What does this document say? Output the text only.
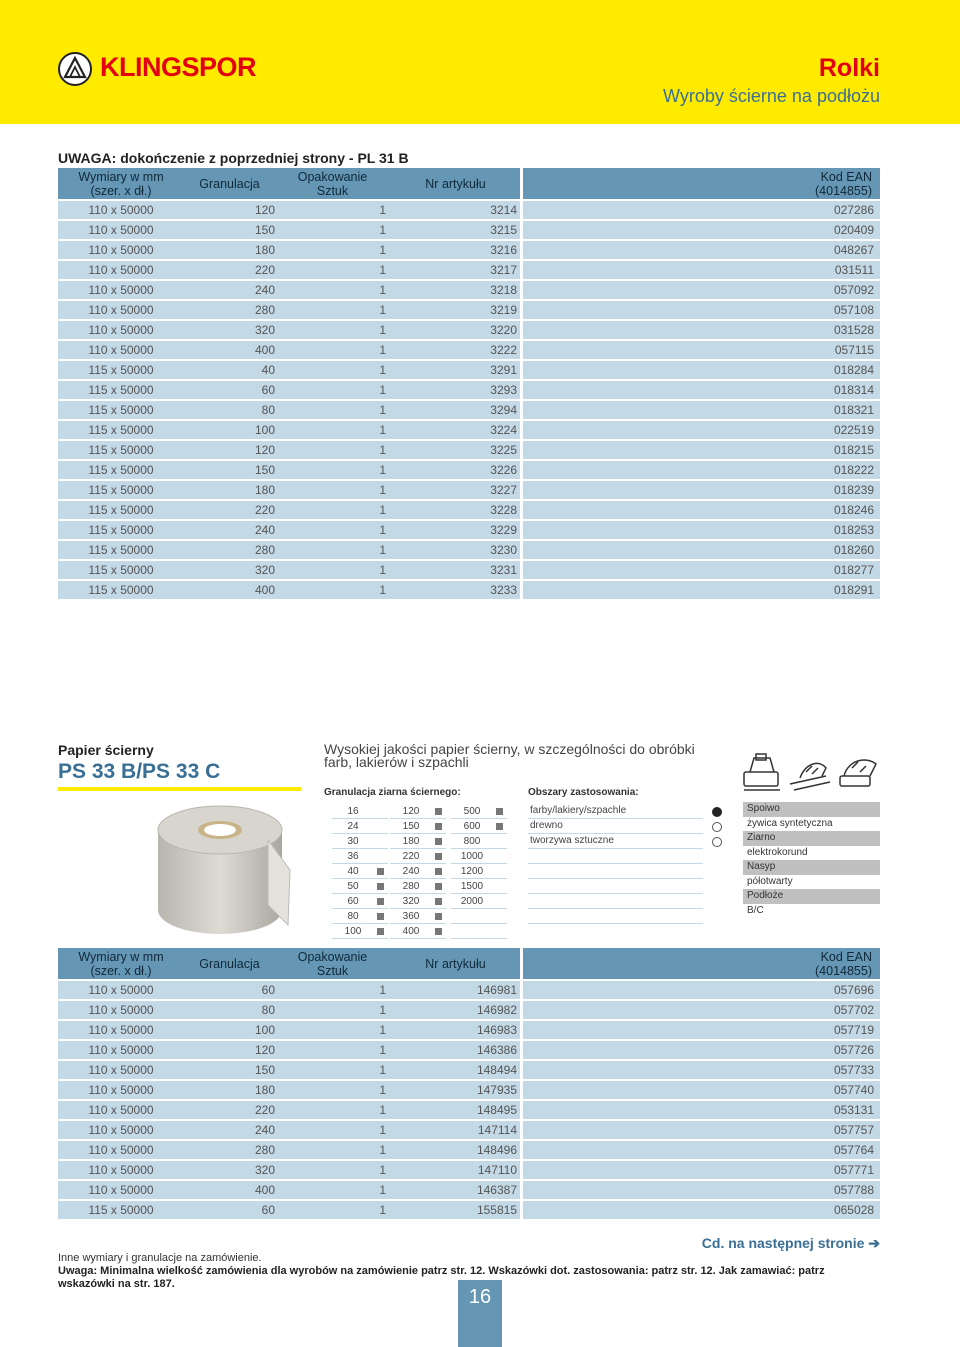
KLINGSPOR	Rolki
Wyroby ścierne na podłożu
UWAGA: dokończenie z poprzedniej strony - PL 31 B
Wymiary w mm
(szer. x dł.)	Granulacja	Opakowanie
Sztuk	Nr artykułu			Kod EAN
(4014855)
110 x 50000	120	1	3214			027286
110 x 50000	150	1	3215			020409
110 x 50000	180	1	3216			048267
110 x 50000	220	1	3217			031511
110 x 50000	240	1	3218			057092
110 x 50000	280	1	3219			057108
110 x 50000	320	1	3220			031528
110 x 50000	400	1	3222			057115
115 x 50000	40	1	3291			018284
115 x 50000	60	1	3293			018314
115 x 50000	80	1	3294			018321
115 x 50000	100	1	3224			022519
115 x 50000	120	1	3225			018215
115 x 50000	150	1	3226			018222
115 x 50000	180	1	3227			018239
115 x 50000	220	1	3228			018246
115 x 50000	240	1	3229			018253
115 x 50000	280	1	3230			018260
115 x 50000	320	1	3231			018277
115 x 50000	400	1	3233			018291
Papier ścierny
PS 33 B/PS 33 C
Wysokiej jakości papier ścierny, w szczególności do obróbki farb, lakierów i szpachli
Granulacja ziarna ściernego:
16
24
30
36
40
50
60
80
100
120
150
180
220
240
280
320
360
400
500
600
800
1000
1200
1500
2000
Obszary zastosowania:
farby/lakiery/szpachle
drewno
tworzywa sztuczne
Spoiwo
żywica syntetyczna
Ziarno
elektrokorund
Nasyp
półotwarty
Podłoże
B/C
Wymiary w mm
(szer. x dł.)	Granulacja	Opakowanie
Sztuk	Nr artykułu			Kod EAN
(4014855)
110 x 50000	60	1	146981			057696
110 x 50000	80	1	146982			057702
110 x 50000	100	1	146983			057719
110 x 50000	120	1	146386			057726
110 x 50000	150	1	148494			057733
110 x 50000	180	1	147935			057740
110 x 50000	220	1	148495			053131
110 x 50000	240	1	147114			057757
110 x 50000	280	1	148496			057764
110 x 50000	320	1	147110			057771
110 x 50000	400	1	146387			057788
115 x 50000	60	1	155815			065028
Cd. na następnej stronie ➔
Inne wymiary i granulacje na zamówienie.
Uwaga: Minimalna wielkość zamówienia dla wyrobów na zamówienie patrz str. 12. Wskazówki dot. zastosowania: patrz str. 12. Jak zamawiać: patrz wskazówki na str. 187.
16
